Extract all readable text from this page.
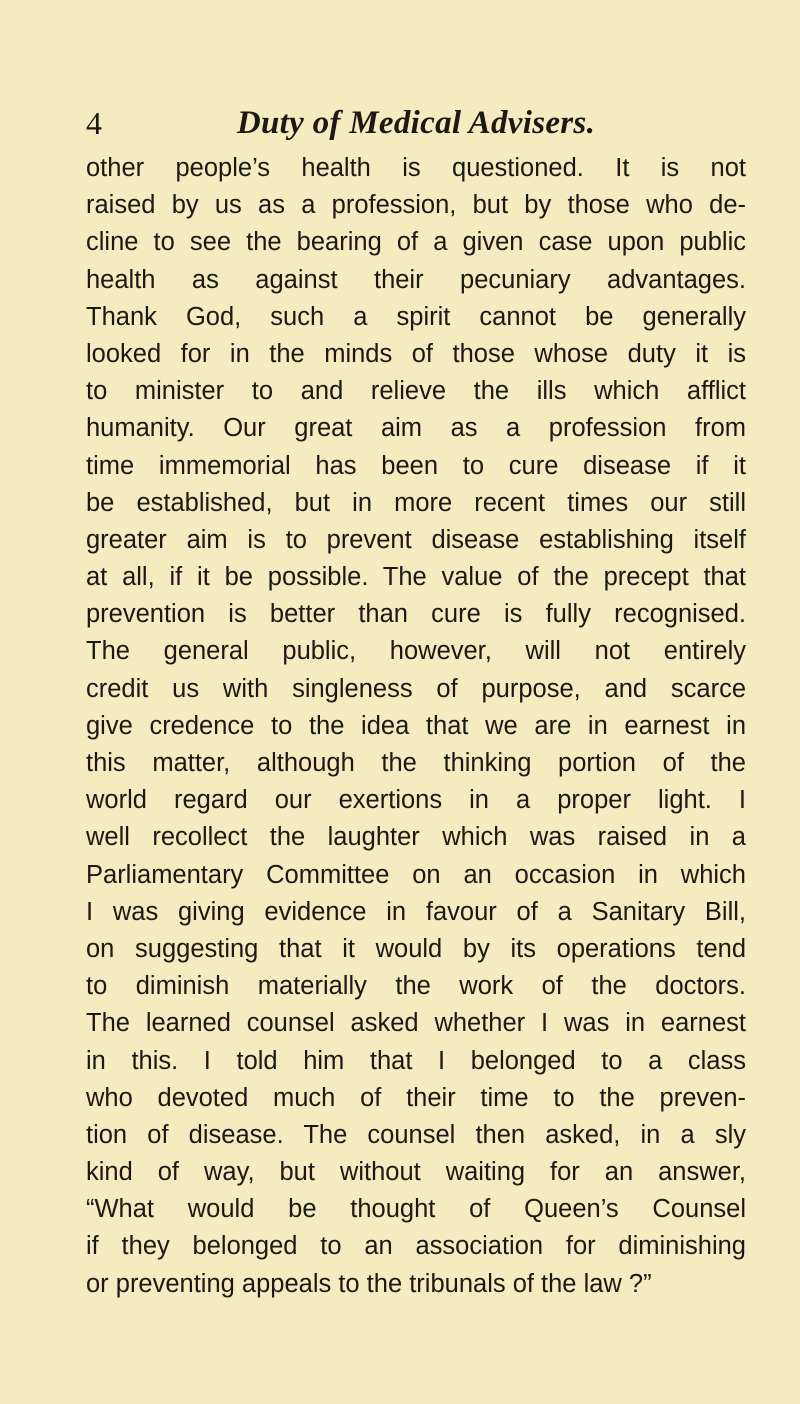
4	Duty of Medical Advisers.
other people’s health is questioned. It is not
raised by us as a profession, but by those who de-
cline to see the bearing of a given case upon public
health as against their pecuniary advantages.
Thank God, such a spirit cannot be generally
looked for in the minds of those whose duty it is
to minister to and relieve the ills which afflict
humanity. Our great aim as a profession from
time immemorial has been to cure disease if it
be established, but in more recent times our still
greater aim is to prevent disease establishing itself
at all, if it be possible. The value of the precept that
prevention is better than cure is fully recognised.
The general public, however, will not entirely
credit us with singleness of purpose, and scarce
give credence to the idea that we are in earnest in
this matter, although the thinking portion of the
world regard our exertions in a proper light. I
well recollect the laughter which was raised in a
Parliamentary Committee on an occasion in which
I was giving evidence in favour of a Sanitary Bill,
on suggesting that it would by its operations tend
to diminish materially the work of the doctors.
The learned counsel asked whether I was in earnest
in this. I told him that I belonged to a class
who devoted much of their time to the preven-
tion of disease. The counsel then asked, in a sly
kind of way, but without waiting for an answer,
“What would be thought of Queen’s Counsel
if they belonged to an association for diminishing
or preventing appeals to the tribunals of the law ?”
